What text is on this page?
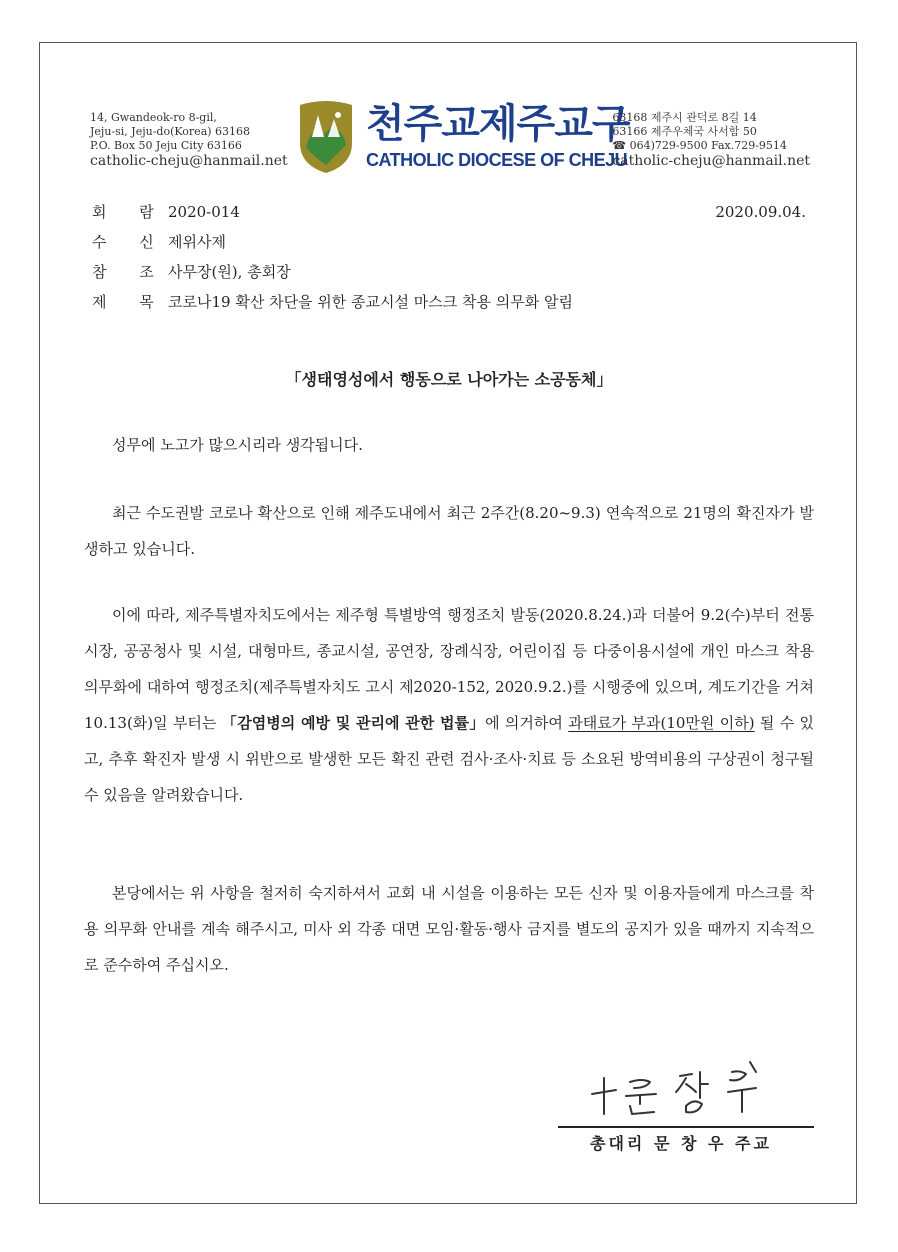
14, Gwandeok-ro 8-gil,
Jeju-si, Jeju-do(Korea) 63168
P.O. Box 50 Jeju City 63166
catholic-cheju@hanmail.net
천주교제주교구
CATHOLIC DIOCESE OF CHEJU
63168 제주시 관덕로 8길 14
63166 제주우체국 사서함 50
☎ 064)729-9500 Fax.729-9514
catholic-cheju@hanmail.net
회 람2020-014	2020.09.04.
수 신제위사제
참 조사무장(원), 총회장
제 목코로나19 확산 차단을 위한 종교시설 마스크 착용 의무화 알림
「생태영성에서 행동으로 나아가는 소공동체」
성무에 노고가 많으시리라 생각됩니다.
최근 수도권발 코로나 확산으로 인해 제주도내에서 최근 2주간(8.20~9.3) 연속적으로 21명의 확진자가 발생하고 있습니다.
이에 따라, 제주특별자치도에서는 제주형 특별방역 행정조치 발동(2020.8.24.)과 더불어 9.2(수)부터 전통시장, 공공청사 및 시설, 대형마트, 종교시설, 공연장, 장례식장, 어린이집 등 다중이용시설에 개인 마스크 착용 의무화에 대하여 행정조치(제주특별자치도 고시 제2020-152, 2020.9.2.)를 시행중에 있으며, 계도기간을 거쳐 10.13(화)일 부터는 「감염병의 예방 및 관리에 관한 법률」에 의거하여 과태료가 부과(10만원 이하) 될 수 있고, 추후 확진자 발생 시 위반으로 발생한 모든 확진 관련 검사·조사·치료 등 소요된 방역비용의 구상권이 청구될 수 있음을 알려왔습니다.
본당에서는 위 사항을 철저히 숙지하셔서 교회 내 시설을 이용하는 모든 신자 및 이용자들에게 마스크를 착용 의무화 안내를 계속 해주시고, 미사 외 각종 대면 모임·활동·행사 금지를 별도의 공지가 있을 때까지 지속적으로 준수하여 주십시오.
총대리 문 창 우 주교
